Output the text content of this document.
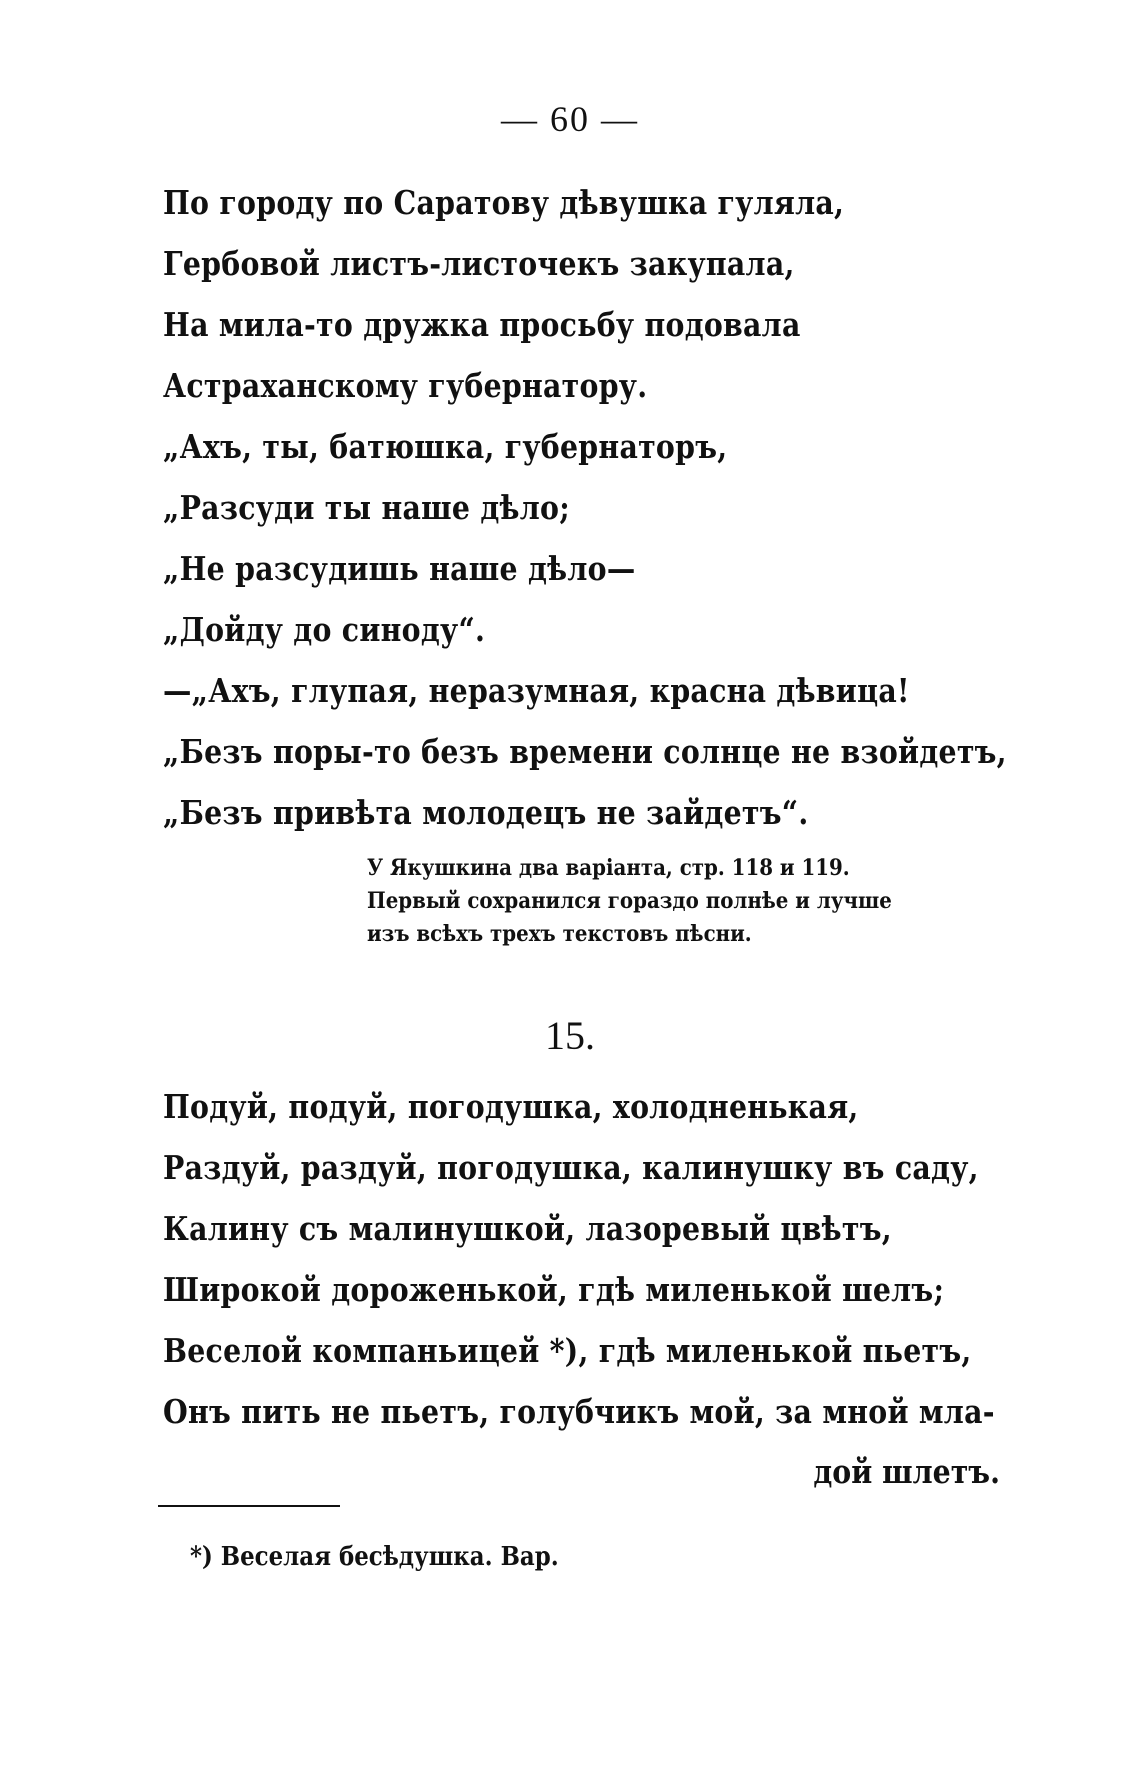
— 60 —
По городу по Саратову дѣвушка гуляла,
Гербовой листъ-листочекъ закупала,
На мила-то дружка просьбу подовала
Астраханскому губернатору.
„Ахъ, ты, батюшка, губернаторъ,
„Разсуди ты наше дѣло;
„Не разсудишь наше дѣло—
„Дойду до синоду“.
—„Ахъ, глупая, неразумная, красна дѣвица!
„Безъ поры-то безъ времени солнце не взойдетъ,
„Безъ привѣта молодецъ не зайдетъ“.
У Якушкина два варіанта, стр. 118 и 119.
Первый сохранился гораздо полнѣе и лучше
изъ всѣхъ трехъ текстовъ пѣсни.
15.
Подуй, подуй, погодушка, холодненькая,
Раздуй, раздуй, погодушка, калинушку въ саду,
Калину съ малинушкой, лазоревый цвѣтъ,
Широкой дороженькой, гдѣ миленькой шелъ;
Веселой компаньицей *), гдѣ миленькой пьетъ,
Онъ пить не пьетъ, голубчикъ мой, за мной мла-
дой шлетъ.
*) Веселая бесѣдушка. Вар.
